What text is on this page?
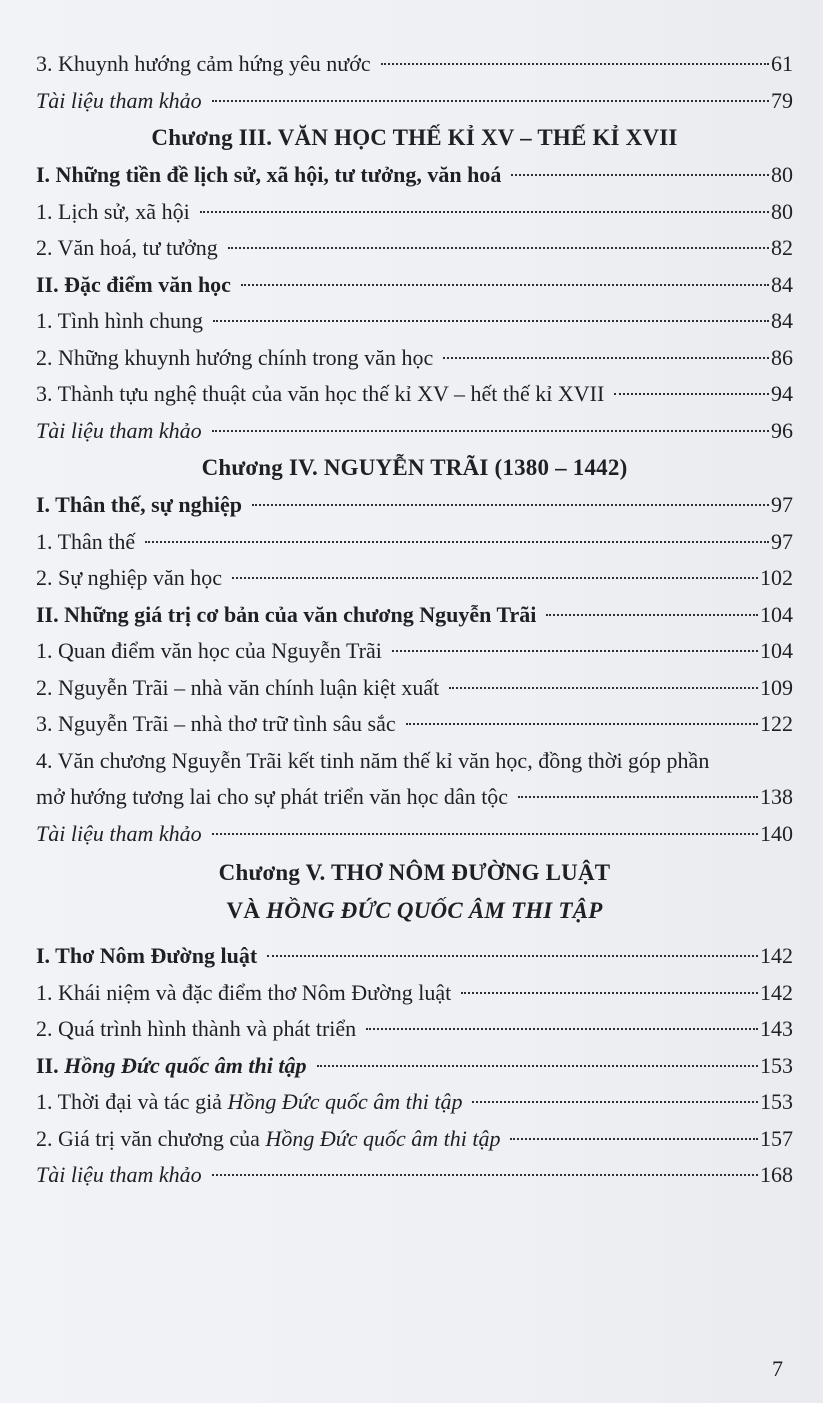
3. Khuynh hướng cảm hứng yêu nước	61
Tài liệu tham khảo	79
Chương III. VĂN HỌC THẾ KỈ XV – THẾ KỈ XVII
I. Những tiền đề lịch sử, xã hội, tư tưởng, văn hoá	80
1. Lịch sử, xã hội	80
2. Văn hoá, tư tưởng	82
II. Đặc điểm văn học	84
1. Tình hình chung	84
2. Những khuynh hướng chính trong văn học	86
3. Thành tựu nghệ thuật của văn học thế kỉ XV – hết thế kỉ XVII	94
Tài liệu tham khảo	96
Chương IV. NGUYỄN TRÃI (1380 – 1442)
I. Thân thế, sự nghiệp	97
1. Thân thế	97
2. Sự nghiệp văn học	102
II. Những giá trị cơ bản của văn chương Nguyễn Trãi	104
1. Quan điểm văn học của Nguyễn Trãi	104
2. Nguyễn Trãi – nhà văn chính luận kiệt xuất	109
3. Nguyễn Trãi – nhà thơ trữ tình sâu sắc	122
4. Văn chương Nguyễn Trãi kết tinh năm thế kỉ văn học, đồng thời góp phần
mở hướng tương lai cho sự phát triển văn học dân tộc	138
Tài liệu tham khảo	140
Chương V. THƠ NÔM ĐƯỜNG LUẬT
VÀ HỒNG ĐỨC QUỐC ÂM THI TẬP
I. Thơ Nôm Đường luật	142
1. Khái niệm và đặc điểm thơ Nôm Đường luật	142
2. Quá trình hình thành và phát triển	143
II. Hồng Đức quốc âm thi tập	153
1. Thời đại và tác giả Hồng Đức quốc âm thi tập	153
2. Giá trị văn chương của Hồng Đức quốc âm thi tập	157
Tài liệu tham khảo	168
7
